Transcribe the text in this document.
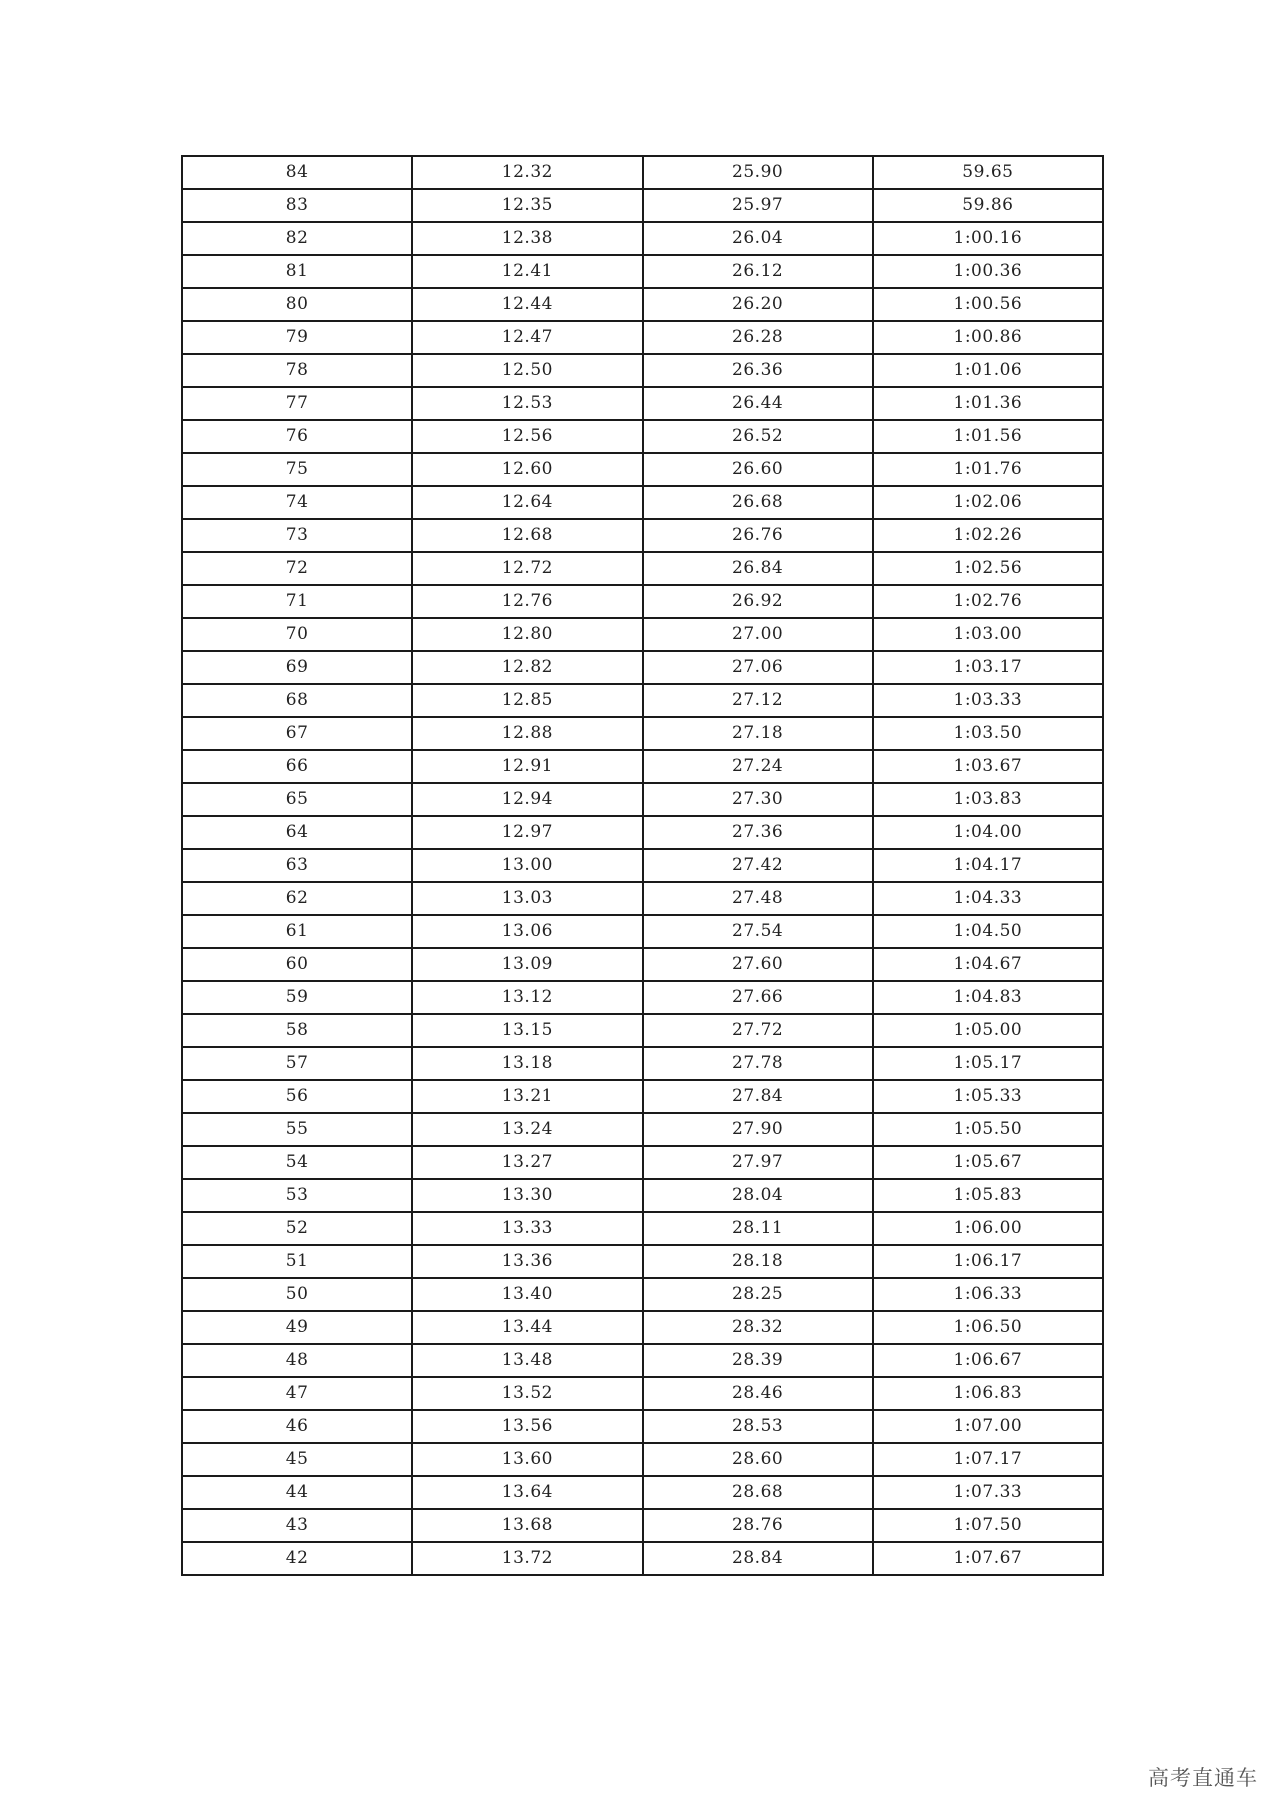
84	12.32	25.90	59.65
83	12.35	25.97	59.86
82	12.38	26.04	1:00.16
81	12.41	26.12	1:00.36
80	12.44	26.20	1:00.56
79	12.47	26.28	1:00.86
78	12.50	26.36	1:01.06
77	12.53	26.44	1:01.36
76	12.56	26.52	1:01.56
75	12.60	26.60	1:01.76
74	12.64	26.68	1:02.06
73	12.68	26.76	1:02.26
72	12.72	26.84	1:02.56
71	12.76	26.92	1:02.76
70	12.80	27.00	1:03.00
69	12.82	27.06	1:03.17
68	12.85	27.12	1:03.33
67	12.88	27.18	1:03.50
66	12.91	27.24	1:03.67
65	12.94	27.30	1:03.83
64	12.97	27.36	1:04.00
63	13.00	27.42	1:04.17
62	13.03	27.48	1:04.33
61	13.06	27.54	1:04.50
60	13.09	27.60	1:04.67
59	13.12	27.66	1:04.83
58	13.15	27.72	1:05.00
57	13.18	27.78	1:05.17
56	13.21	27.84	1:05.33
55	13.24	27.90	1:05.50
54	13.27	27.97	1:05.67
53	13.30	28.04	1:05.83
52	13.33	28.11	1:06.00
51	13.36	28.18	1:06.17
50	13.40	28.25	1:06.33
49	13.44	28.32	1:06.50
48	13.48	28.39	1:06.67
47	13.52	28.46	1:06.83
46	13.56	28.53	1:07.00
45	13.60	28.60	1:07.17
44	13.64	28.68	1:07.33
43	13.68	28.76	1:07.50
42	13.72	28.84	1:07.67
高考直通车
